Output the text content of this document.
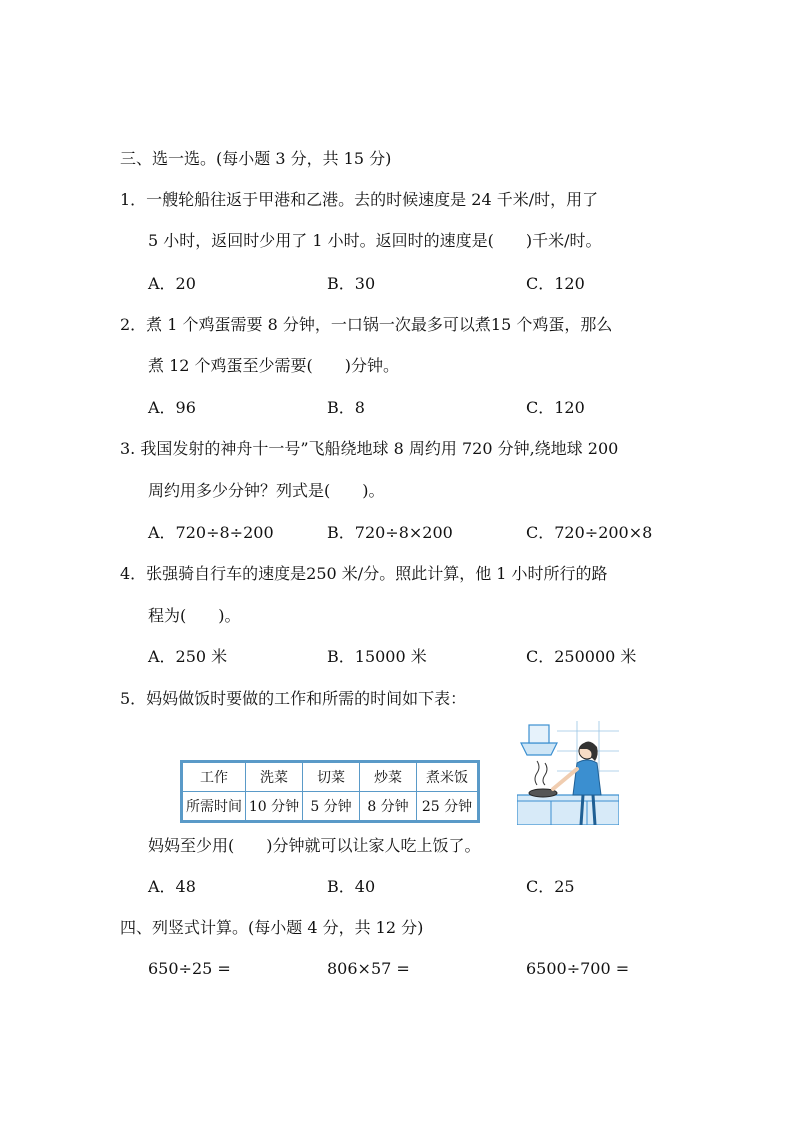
三、选一选。(每小题 3 分，共 15 分)
1．一艘轮船往返于甲港和乙港。去的时候速度是 24 千米/时，用了
5 小时，返回时少用了 1 小时。返回时的速度是(　　)千米/时。
A．20	B．30	C．120
2．煮 1 个鸡蛋需要 8 分钟，一口锅一次最多可以煮15 个鸡蛋，那么
煮 12 个鸡蛋至少需要(　　)分钟。
A．96	B．8	C．120
3. 我国发射的神舟十一号”飞船绕地球 8 周约用 720 分钟,绕地球 200
周约用多少分钟？列式是(　　)。
A．720÷8÷200	B．720÷8×200	C．720÷200×8
4．张强骑自行车的速度是250 米/分。照此计算，他 1 小时所行的路
程为(　　)。
A．250 米	B．15000 米	C．250000 米
5．妈妈做饭时要做的工作和所需的时间如下表：
工作	洗菜	切菜	炒菜	煮米饭
所需时间	10 分钟	5 分钟	8 分钟	25 分钟
妈妈至少用(　　)分钟就可以让家人吃上饭了。
A．48	B．40	C．25
四、列竖式计算。(每小题 4 分，共 12 分)
650÷25 =	806×57 =	6500÷700 =
